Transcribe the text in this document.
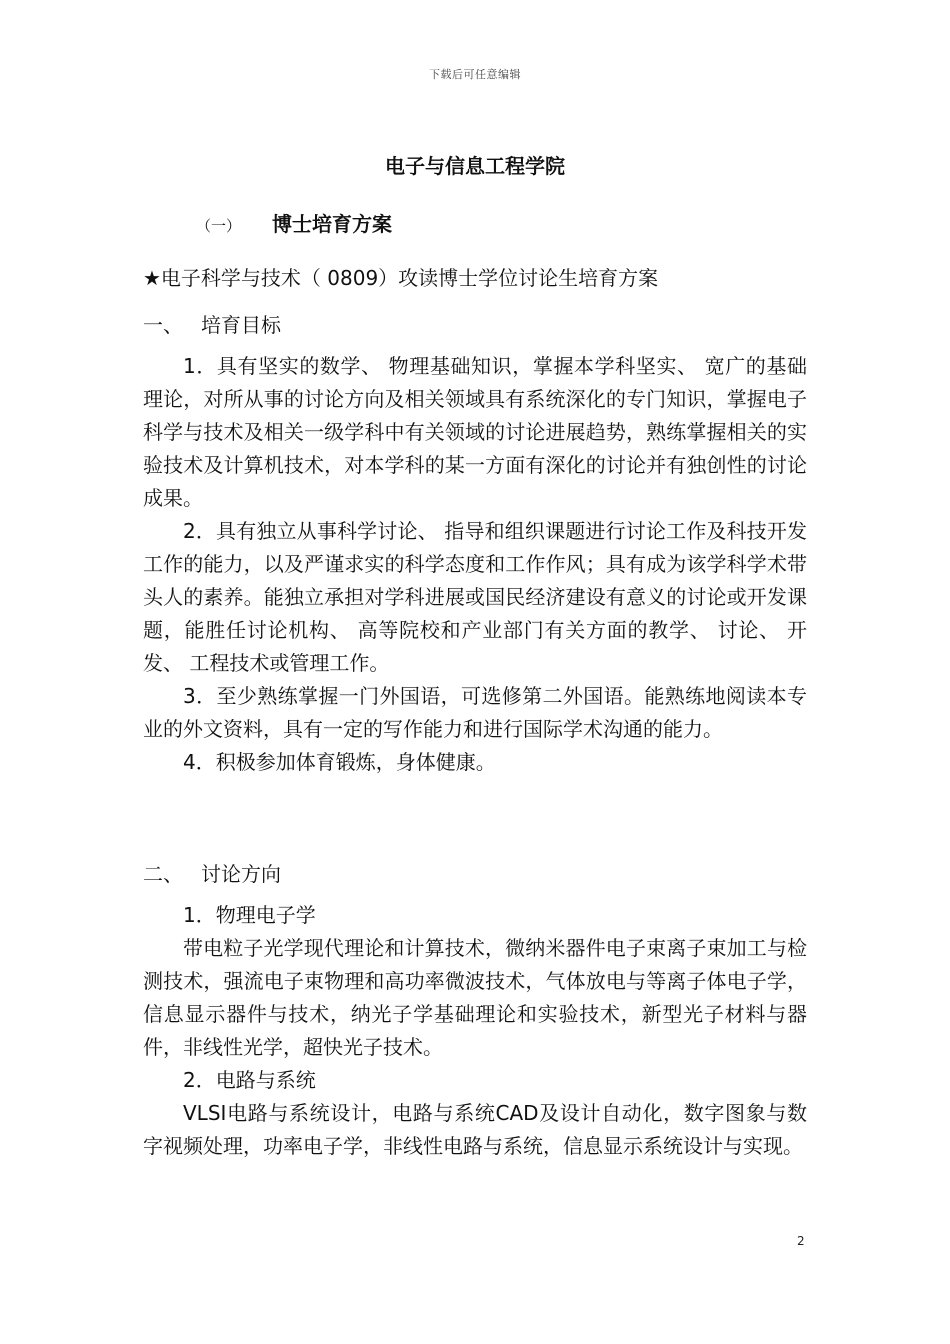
下载后可任意编辑
电子与信息工程学院
（一） 博士培育方案
★电子科学与技术（ 0809）攻读博士学位讨论生培育方案
一、 培育目标

1．具有坚实的数学、 物理基础知识，掌握本学科坚实、 宽广的基础理论，对所从事的讨论方向及相关领域具有系统深化的专门知识，掌握电子科学与技术及相关一级学科中有关领域的讨论进展趋势，熟练掌握相关的实验技术及计算机技术，对本学科的某一方面有深化的讨论并有独创性的讨论成果。

2．具有独立从事科学讨论、 指导和组织课题进行讨论工作及科技开发工作的能力，以及严谨求实的科学态度和工作作风；具有成为该学科学术带头人的素养。能独立承担对学科进展或国民经济建设有意义的讨论或开发课题，能胜任讨论机构、 高等院校和产业部门有关方面的教学、 讨论、 开发、 工程技术或管理工作。

3．至少熟练掌握一门外国语，可选修第二外国语。能熟练地阅读本专业的外文资料，具有一定的写作能力和进行国际学术沟通的能力。

4．积极参加体育锻炼，身体健康。

二、 讨论方向

1．物理电子学

带电粒子光学现代理论和计算技术，微纳米器件电子束离子束加工与检测技术，强流电子束物理和高功率微波技术，气体放电与等离子体电子学，信息显示器件与技术，纳光子学基础理论和实验技术，新型光子材料与器件，非线性光学，超快光子技术。

2．电路与系统

VLSI电路与系统设计，电路与系统CAD及设计自动化，数字图象与数字视频处理，功率电子学，非线性电路与系统，信息显示系统设计与实现。

2
